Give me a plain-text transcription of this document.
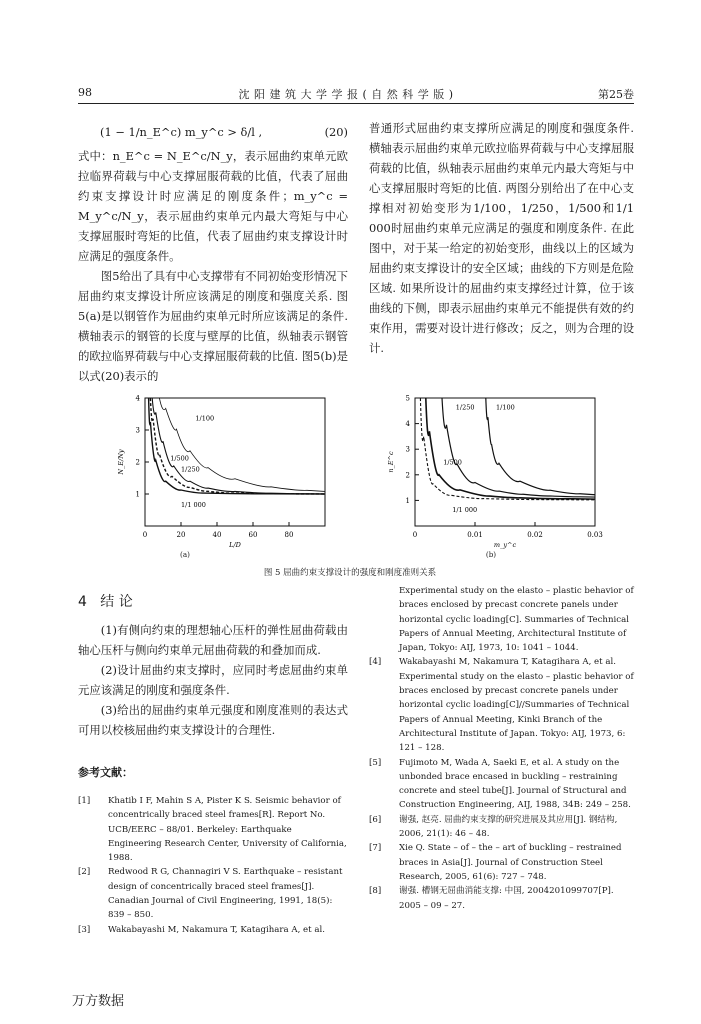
98	沈 阳 建 筑 大 学 学 报 ( 自 然 科 学 版 )	第25卷
(1 − 1/n_E^c) m_y^c > δ/l ,	(20)

式中：n_E^c = N_E^c/N_y，表示屈曲约束单元欧拉临界荷载与中心支撑屈服荷载的比值，代表了屈曲约束支撑设计时应满足的刚度条件；m_y^c = M_y^c/N_y，表示屈曲约束单元内最大弯矩与中心支撑屈服时弯矩的比值，代表了屈曲约束支撑设计时应满足的强度条件。

图5给出了具有中心支撑带有不同初始变形情况下屈曲约束支撑设计所应该满足的刚度和强度关系. 图5(a)是以钢管作为屈曲约束单元时所应该满足的条件. 横轴表示的钢管的长度与壁厚的比值，纵轴表示钢管的欧拉临界荷载与中心支撑屈服荷载的比值. 图5(b)是以式(20)表示的

普通形式屈曲约束支撑所应满足的刚度和强度条件. 横轴表示屈曲约束单元欧拉临界荷载与中心支撑屈服荷载的比值，纵轴表示屈曲约束单元内最大弯矩与中心支撑屈服时弯矩的比值. 两图分别给出了在中心支撑相对初始变形为1/100，1/250，1/500和1/1 000时屈曲约束单元应满足的强度和刚度条件. 在此图中，对于某一给定的初始变形，曲线以上的区域为屈曲约束支撑设计的安全区域；曲线的下方则是危险区域. 如果所设计的屈曲约束支撑经过计算，位于该曲线的下侧，即表示屈曲约束单元不能提供有效的约束作用，需要对设计进行修改；反之，则为合理的设计.

0	20	40	60	80
1
2
3
4
L/D
N_E/Ny
1/100
1/250
1/500
1/1 000
0	0.01	0.02	0.03
1
2
3
4
5
m_y^c
n_E^c
1/250	1/100
1/500
1/1 000
(a)	(b)
图 5 屈曲约束支撑设计的强度和刚度准则关系
4 结 论

(1)有侧向约束的理想轴心压杆的弹性屈曲荷载由轴心压杆与侧向约束单元屈曲荷载的和叠加而成.

(2)设计屈曲约束支撑时，应同时考虑屈曲约束单元应该满足的刚度和强度条件.

(3)给出的屈曲约束单元强度和刚度准则的表达式可用以校核屈曲约束支撑设计的合理性.

参考文献：
[1]	Khatib I F, Mahin S A, Pister K S. Seismic behavior of concentrically braced steel frames[R]. Report No. UCB/EERC – 88/01. Berkeley: Earthquake Engineering Research Center, University of California, 1988.
[2]	Redwood R G, Channagiri V S. Earthquake – resistant design of concentrically braced steel frames[J]. Canadian Journal of Civil Engineering, 1991, 18(5): 839 – 850.
[3]	Wakabayashi M, Nakamura T, Katagihara A, et al.
Experimental study on the elasto – plastic behavior of braces enclosed by precast concrete panels under horizontal cyclic loading[C]. Summaries of Technical Papers of Annual Meeting, Architectural Institute of Japan, Tokyo: AIJ, 1973, 10: 1041 – 1044.
[4]	Wakabayashi M, Nakamura T, Katagihara A, et al. Experimental study on the elasto – plastic behavior of braces enclosed by precast concrete panels under horizontal cyclic loading[C]//Summaries of Technical Papers of Annual Meeting, Kinki Branch of the Architectural Institute of Japan. Tokyo: AIJ, 1973, 6: 121 – 128.
[5]	Fujimoto M, Wada A, Saeki E, et al. A study on the unbonded brace encased in buckling – restraining concrete and steel tube[J]. Journal of Structural and Construction Engineering, AIJ, 1988, 34B: 249 – 258.
[6]	谢强, 赵亮. 屈曲约束支撑的研究进展及其应用[J]. 钢结构, 2006, 21(1): 46 – 48.
[7]	Xie Q. State – of – the – art of buckling – restrained braces in Asia[J]. Journal of Construction Steel Research, 2005, 61(6): 727 – 748.
[8]	谢强. 槽钢无屈曲消能支撑: 中国, 2004201099707[P]. 2005 – 09 – 27.
万方数据
